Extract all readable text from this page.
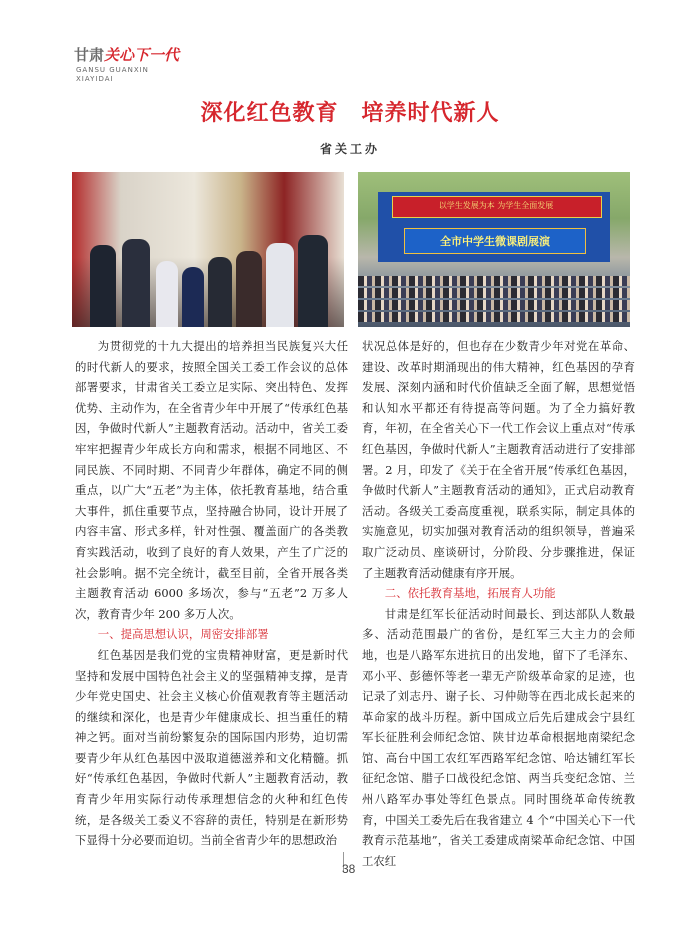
甘肃关心下一代
GANSU GUANXIN
XIAYIDAI
深化红色教育　培养时代新人
省关工办
以学生发展为本 为学生全面发展
全市中学生微课剧展演

为贯彻党的十九大提出的培养担当民族复兴大任的时代新人的要求，按照全国关工委工作会议的总体部署要求，甘肃省关工委立足实际、突出特色、发挥优势、主动作为，在全省青少年中开展了“传承红色基因，争做时代新人”主题教育活动。活动中，省关工委牢牢把握青少年成长方向和需求，根据不同地区、不同民族、不同时期、不同青少年群体，确定不同的侧重点，以广大“五老”为主体，依托教育基地，结合重大事件，抓住重要节点，坚持融合协同，设计开展了内容丰富、形式多样，针对性强、覆盖面广的各类教育实践活动，收到了良好的育人效果，产生了广泛的社会影响。据不完全统计，截至目前，全省开展各类主题教育活动 6000 多场次，参与“五老”2 万多人次，教育青少年 200 多万人次。

一、提高思想认识，周密安排部署

红色基因是我们党的宝贵精神财富，更是新时代坚持和发展中国特色社会主义的坚强精神支撑，是青少年党史国史、社会主义核心价值观教育等主题活动的继续和深化，也是青少年健康成长、担当重任的精神之钙。面对当前纷繁复杂的国际国内形势，迫切需要青少年从红色基因中汲取道德滋养和文化精髓。抓好“传承红色基因，争做时代新人”主题教育活动，教育青少年用实际行动传承理想信念的火种和红色传统，是各级关工委义不容辞的责任，特别是在新形势下显得十分必要而迫切。当前全省青少年的思想政治

状况总体是好的，但也存在少数青少年对党在革命、建设、改革时期涌现出的伟大精神，红色基因的孕育发展、深刻内涵和时代价值缺乏全面了解，思想觉悟和认知水平都还有待提高等问题。为了全力搞好教育，年初，在全省关心下一代工作会议上重点对“传承红色基因，争做时代新人”主题教育活动进行了安排部署。2 月，印发了《关于在全省开展“传承红色基因，争做时代新人”主题教育活动的通知》，正式启动教育活动。各级关工委高度重视，联系实际，制定具体的实施意见，切实加强对教育活动的组织领导，普遍采取广泛动员、座谈研讨，分阶段、分步骤推进，保证了主题教育活动健康有序开展。

二、依托教育基地，拓展育人功能

甘肃是红军长征活动时间最长、到达部队人数最多、活动范围最广的省份，是红军三大主力的会师地，也是八路军东进抗日的出发地，留下了毛泽东、邓小平、彭德怀等老一辈无产阶级革命家的足迹，也记录了刘志丹、谢子长、习仲勋等在西北成长起来的革命家的战斗历程。新中国成立后先后建成会宁县红军长征胜利会师纪念馆、陕甘边革命根据地南梁纪念馆、高台中国工农红军西路军纪念馆、哈达铺红军长征纪念馆、腊子口战役纪念馆、两当兵变纪念馆、兰州八路军办事处等红色景点。同时围绕革命传统教育，中国关工委先后在我省建立 4 个“中国关心下一代教育示范基地”，省关工委建成南梁革命纪念馆、中国工农红

38
